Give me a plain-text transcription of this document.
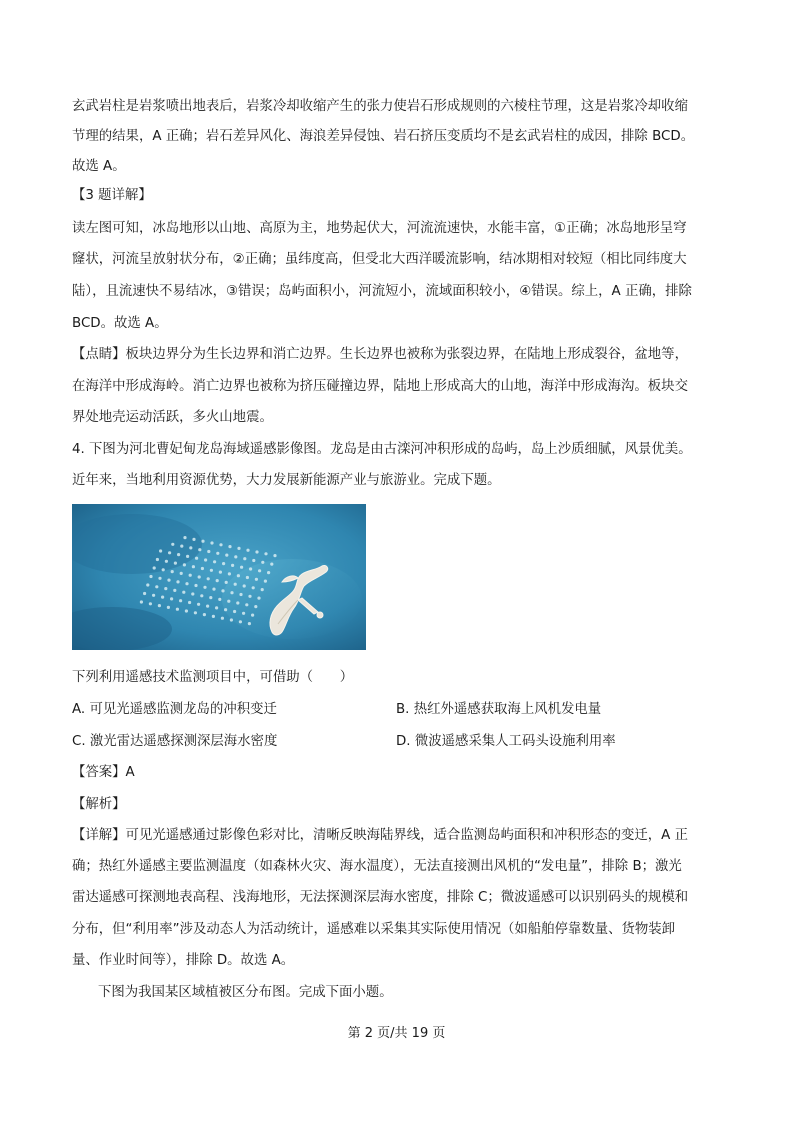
玄武岩柱是岩浆喷出地表后，岩浆冷却收缩产生的张力使岩石形成规则的六棱柱节理，这是岩浆冷却收缩
节理的结果，A 正确；岩石差异风化、海浪差异侵蚀、岩石挤压变质均不是玄武岩柱的成因，排除 BCD。
故选 A。
【3 题详解】
读左图可知，冰岛地形以山地、高原为主，地势起伏大，河流流速快，水能丰富，①正确；冰岛地形呈穹
窿状，河流呈放射状分布，②正确；虽纬度高，但受北大西洋暖流影响，结冰期相对较短（相比同纬度大
陆），且流速快不易结冰，③错误；岛屿面积小，河流短小，流域面积较小，④错误。综上，A 正确，排除
BCD。故选 A。
【点睛】板块边界分为生长边界和消亡边界。生长边界也被称为张裂边界，在陆地上形成裂谷，盆地等，
在海洋中形成海岭。消亡边界也被称为挤压碰撞边界，陆地上形成高大的山地，海洋中形成海沟。板块交
界处地壳运动活跃，多火山地震。
4. 下图为河北曹妃甸龙岛海域遥感影像图。龙岛是由古滦河冲积形成的岛屿，岛上沙质细腻，风景优美。
近年来，当地利用资源优势，大力发展新能源产业与旅游业。完成下题。
下列利用遥感技术监测项目中，可借助（　　）
A. 可见光遥感监测龙岛的冲积变迁	B. 热红外遥感获取海上风机发电量
C. 激光雷达遥感探测深层海水密度	D. 微波遥感采集人工码头设施利用率
【答案】A
【解析】
【详解】可见光遥感通过影像色彩对比，清晰反映海陆界线，适合监测岛屿面积和冲积形态的变迁，A 正
确；热红外遥感主要监测温度（如森林火灾、海水温度），无法直接测出风机的“发电量”，排除 B；激光
雷达遥感可探测地表高程、浅海地形，无法探测深层海水密度，排除 C；微波遥感可以识别码头的规模和
分布，但“利用率”涉及动态人为活动统计，遥感难以采集其实际使用情况（如船舶停靠数量、货物装卸
量、作业时间等），排除 D。故选 A。
下图为我国某区域植被区分布图。完成下面小题。
第 2 页/共 19 页
